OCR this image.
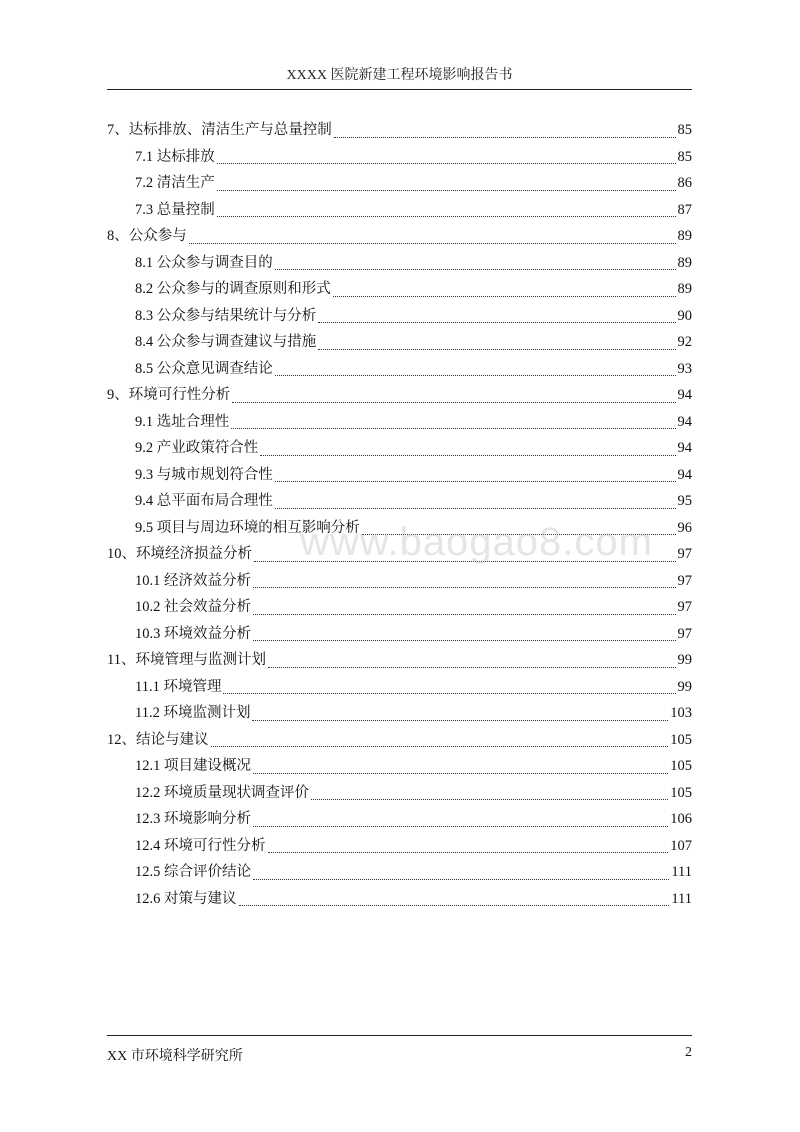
XXXX 医院新建工程环境影响报告书
7、达标排放、清洁生产与总量控制	85
7.1 达标排放	85
7.2 清洁生产	86
7.3 总量控制	87
8、公众参与	89
8.1 公众参与调查目的	89
8.2 公众参与的调查原则和形式	89
8.3 公众参与结果统计与分析	90
8.4 公众参与调查建议与措施	92
8.5 公众意见调查结论	93
9、环境可行性分析	94
9.1 选址合理性	94
9.2 产业政策符合性	94
9.3 与城市规划符合性	94
9.4 总平面布局合理性	95
9.5 项目与周边环境的相互影响分析	96
10、环境经济损益分析	97
10.1 经济效益分析	97
10.2 社会效益分析	97
10.3 环境效益分析	97
11、环境管理与监测计划	99
11.1 环境管理	99
11.2 环境监测计划	103
12、结论与建议	105
12.1 项目建设概况	105
12.2 环境质量现状调查评价	105
12.3 环境影响分析	106
12.4 环境可行性分析	107
12.5 综合评价结论	111
12.6 对策与建议	111
www.baogao8.com
XX 市环境科学研究所	2
